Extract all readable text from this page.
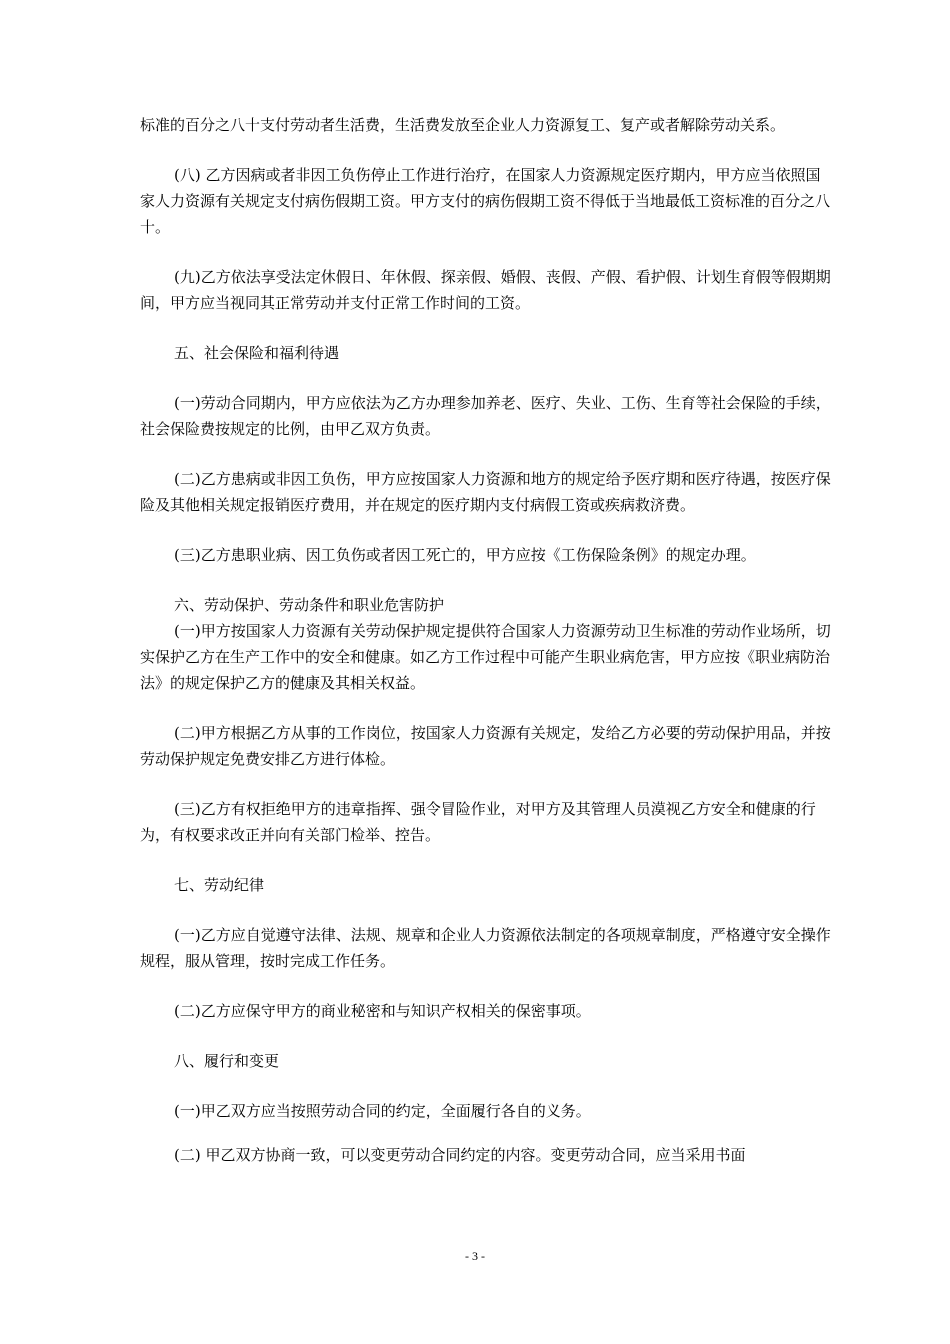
标准的百分之八十支付劳动者生活费，生活费发放至企业人力资源复工、复产或者解除劳动关系。

(八) 乙方因病或者非因工负伤停止工作进行治疗，在国家人力资源规定医疗期内，甲方应当依照国家人力资源有关规定支付病伤假期工资。甲方支付的病伤假期工资不得低于当地最低工资标准的百分之八十。

(九)乙方依法享受法定休假日、年休假、探亲假、婚假、丧假、产假、看护假、计划生育假等假期期间，甲方应当视同其正常劳动并支付正常工作时间的工资。

五、社会保险和福利待遇

(一)劳动合同期内，甲方应依法为乙方办理参加养老、医疗、失业、工伤、生育等社会保险的手续，社会保险费按规定的比例，由甲乙双方负责。

(二)乙方患病或非因工负伤，甲方应按国家人力资源和地方的规定给予医疗期和医疗待遇，按医疗保险及其他相关规定报销医疗费用，并在规定的医疗期内支付病假工资或疾病救济费。

(三)乙方患职业病、因工负伤或者因工死亡的，甲方应按《工伤保险条例》的规定办理。

六、劳动保护、劳动条件和职业危害防护

(一)甲方按国家人力资源有关劳动保护规定提供符合国家人力资源劳动卫生标准的劳动作业场所，切实保护乙方在生产工作中的安全和健康。如乙方工作过程中可能产生职业病危害，甲方应按《职业病防治法》的规定保护乙方的健康及其相关权益。

(二)甲方根据乙方从事的工作岗位，按国家人力资源有关规定，发给乙方必要的劳动保护用品，并按劳动保护规定免费安排乙方进行体检。

(三)乙方有权拒绝甲方的违章指挥、强令冒险作业，对甲方及其管理人员漠视乙方安全和健康的行为，有权要求改正并向有关部门检举、控告。

七、劳动纪律

(一)乙方应自觉遵守法律、法规、规章和企业人力资源依法制定的各项规章制度，严格遵守安全操作规程，服从管理，按时完成工作任务。

(二)乙方应保守甲方的商业秘密和与知识产权相关的保密事项。

八、履行和变更

(一)甲乙双方应当按照劳动合同的约定，全面履行各自的义务。

(二) 甲乙双方协商一致，可以变更劳动合同约定的内容。变更劳动合同，应当采用书面

- 3 -
